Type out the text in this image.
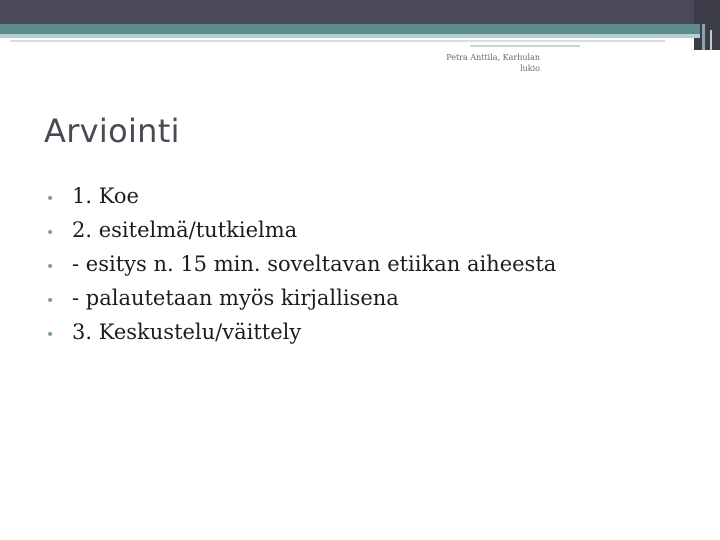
Petra Anttila, Karhulan
lukio
Arviointi
• 1. Koe
• 2. esitelmä/tutkielma
• - esitys n. 15 min. soveltavan etiikan aiheesta
• - palautetaan myös kirjallisena
• 3. Keskustelu/väittely
